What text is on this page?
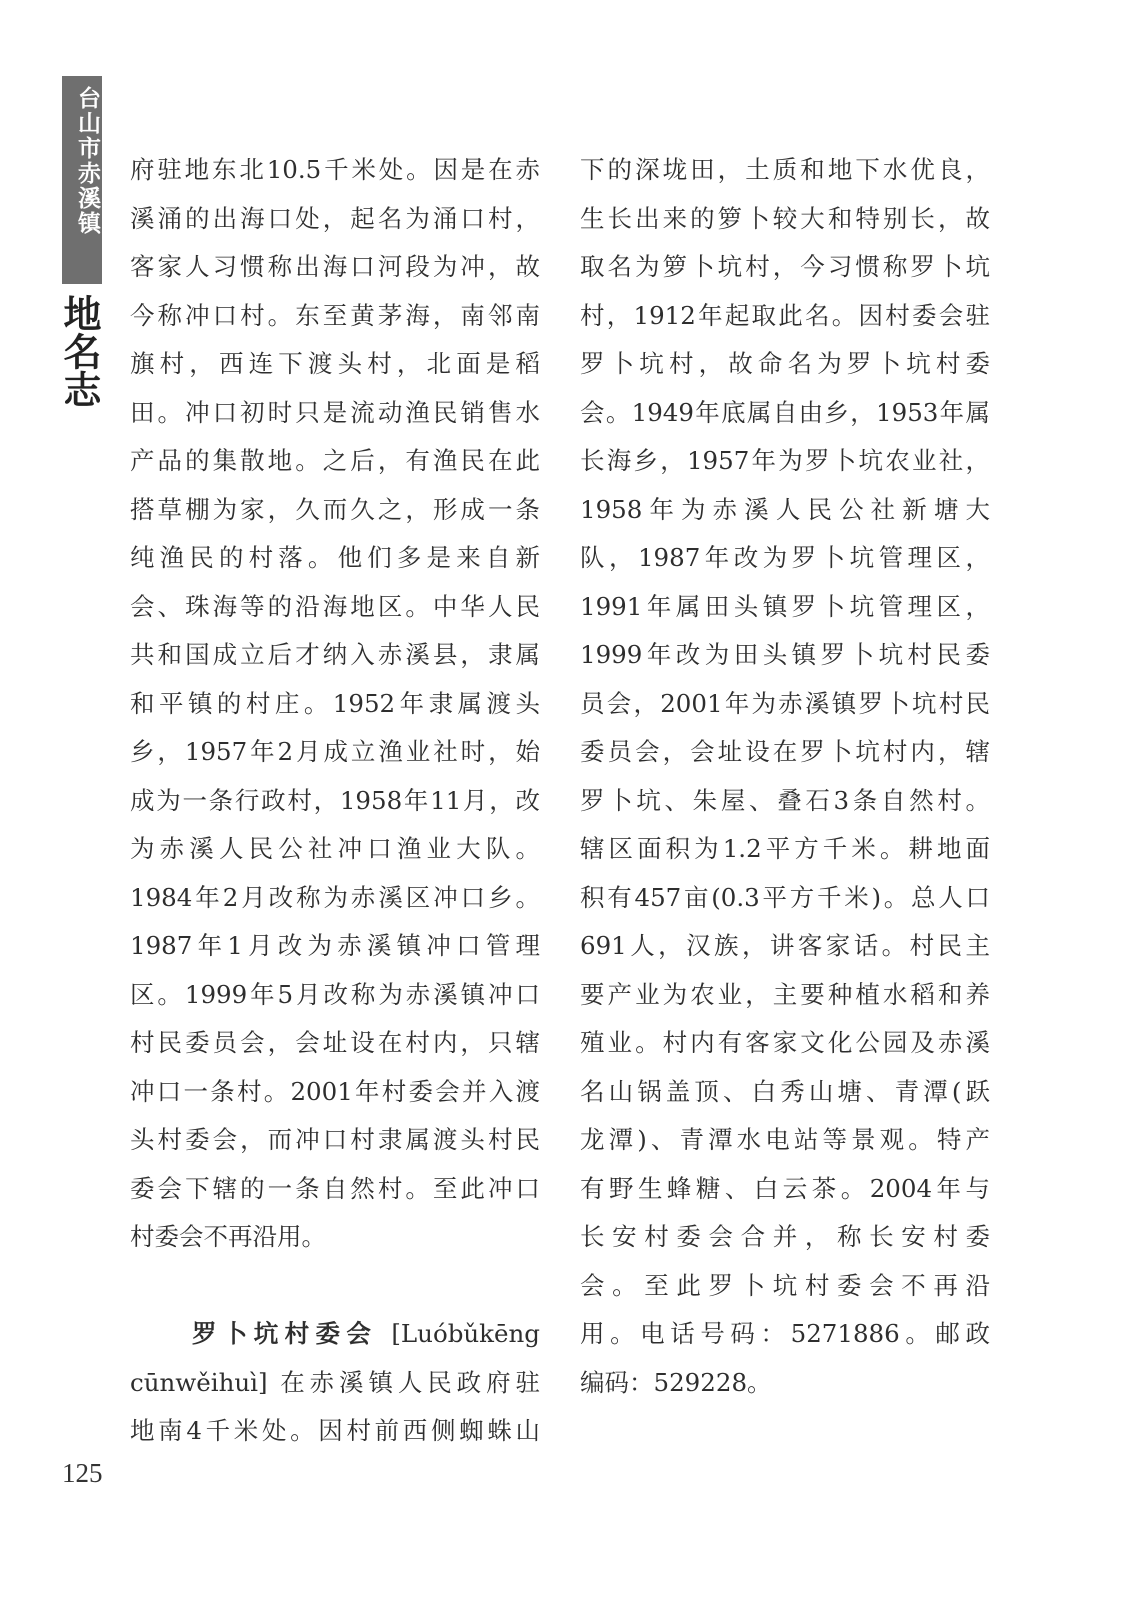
台山市赤溪镇
地名志
府驻地东北10.5千米处。因是在赤
溪涌的出海口处，起名为涌口村，
客家人习惯称出海口河段为冲，故
今称冲口村。东至黄茅海，南邻南
旗村，西连下渡头村，北面是稻
田。冲口初时只是流动渔民销售水
产品的集散地。之后，有渔民在此
搭草棚为家，久而久之，形成一条
纯渔民的村落。他们多是来自新
会、珠海等的沿海地区。中华人民
共和国成立后才纳入赤溪县，隶属
和平镇的村庄。1952年隶属渡头
乡，1957年2月成立渔业社时，始
成为一条行政村，1958年11月，改
为赤溪人民公社冲口渔业大队。
1984年2月改称为赤溪区冲口乡。
1987年1月改为赤溪镇冲口管理
区。1999年5月改称为赤溪镇冲口
村民委员会，会址设在村内，只辖
冲口一条村。2001年村委会并入渡
头村委会，而冲口村隶属渡头村民
委会下辖的一条自然村。至此冲口
村委会不再沿用。
罗卜坑村委会 [Luóbǔkēng
cūnwěihuì] 在赤溪镇人民政府驻
地南4千米处。因村前西侧蜘蛛山
下的深垅田，土质和地下水优良，
生长出来的箩卜较大和特别长，故
取名为箩卜坑村，今习惯称罗卜坑
村，1912年起取此名。因村委会驻
罗卜坑村，故命名为罗卜坑村委
会。1949年底属自由乡，1953年属
长海乡，1957年为罗卜坑农业社，
1958年为赤溪人民公社新塘大
队，1987年改为罗卜坑管理区，
1991年属田头镇罗卜坑管理区，
1999年改为田头镇罗卜坑村民委
员会，2001年为赤溪镇罗卜坑村民
委员会，会址设在罗卜坑村内，辖
罗卜坑、朱屋、叠石3条自然村。
辖区面积为1.2平方千米。耕地面
积有457亩(0.3平方千米)。总人口
691人，汉族，讲客家话。村民主
要产业为农业，主要种植水稻和养
殖业。村内有客家文化公园及赤溪
名山锅盖顶、白秀山塘、青潭(跃
龙潭)、青潭水电站等景观。特产
有野生蜂糖、白云茶。2004年与
长安村委会合并，称长安村委
会。至此罗卜坑村委会不再沿
用。电话号码：5271886。邮政
编码：529228。
125
